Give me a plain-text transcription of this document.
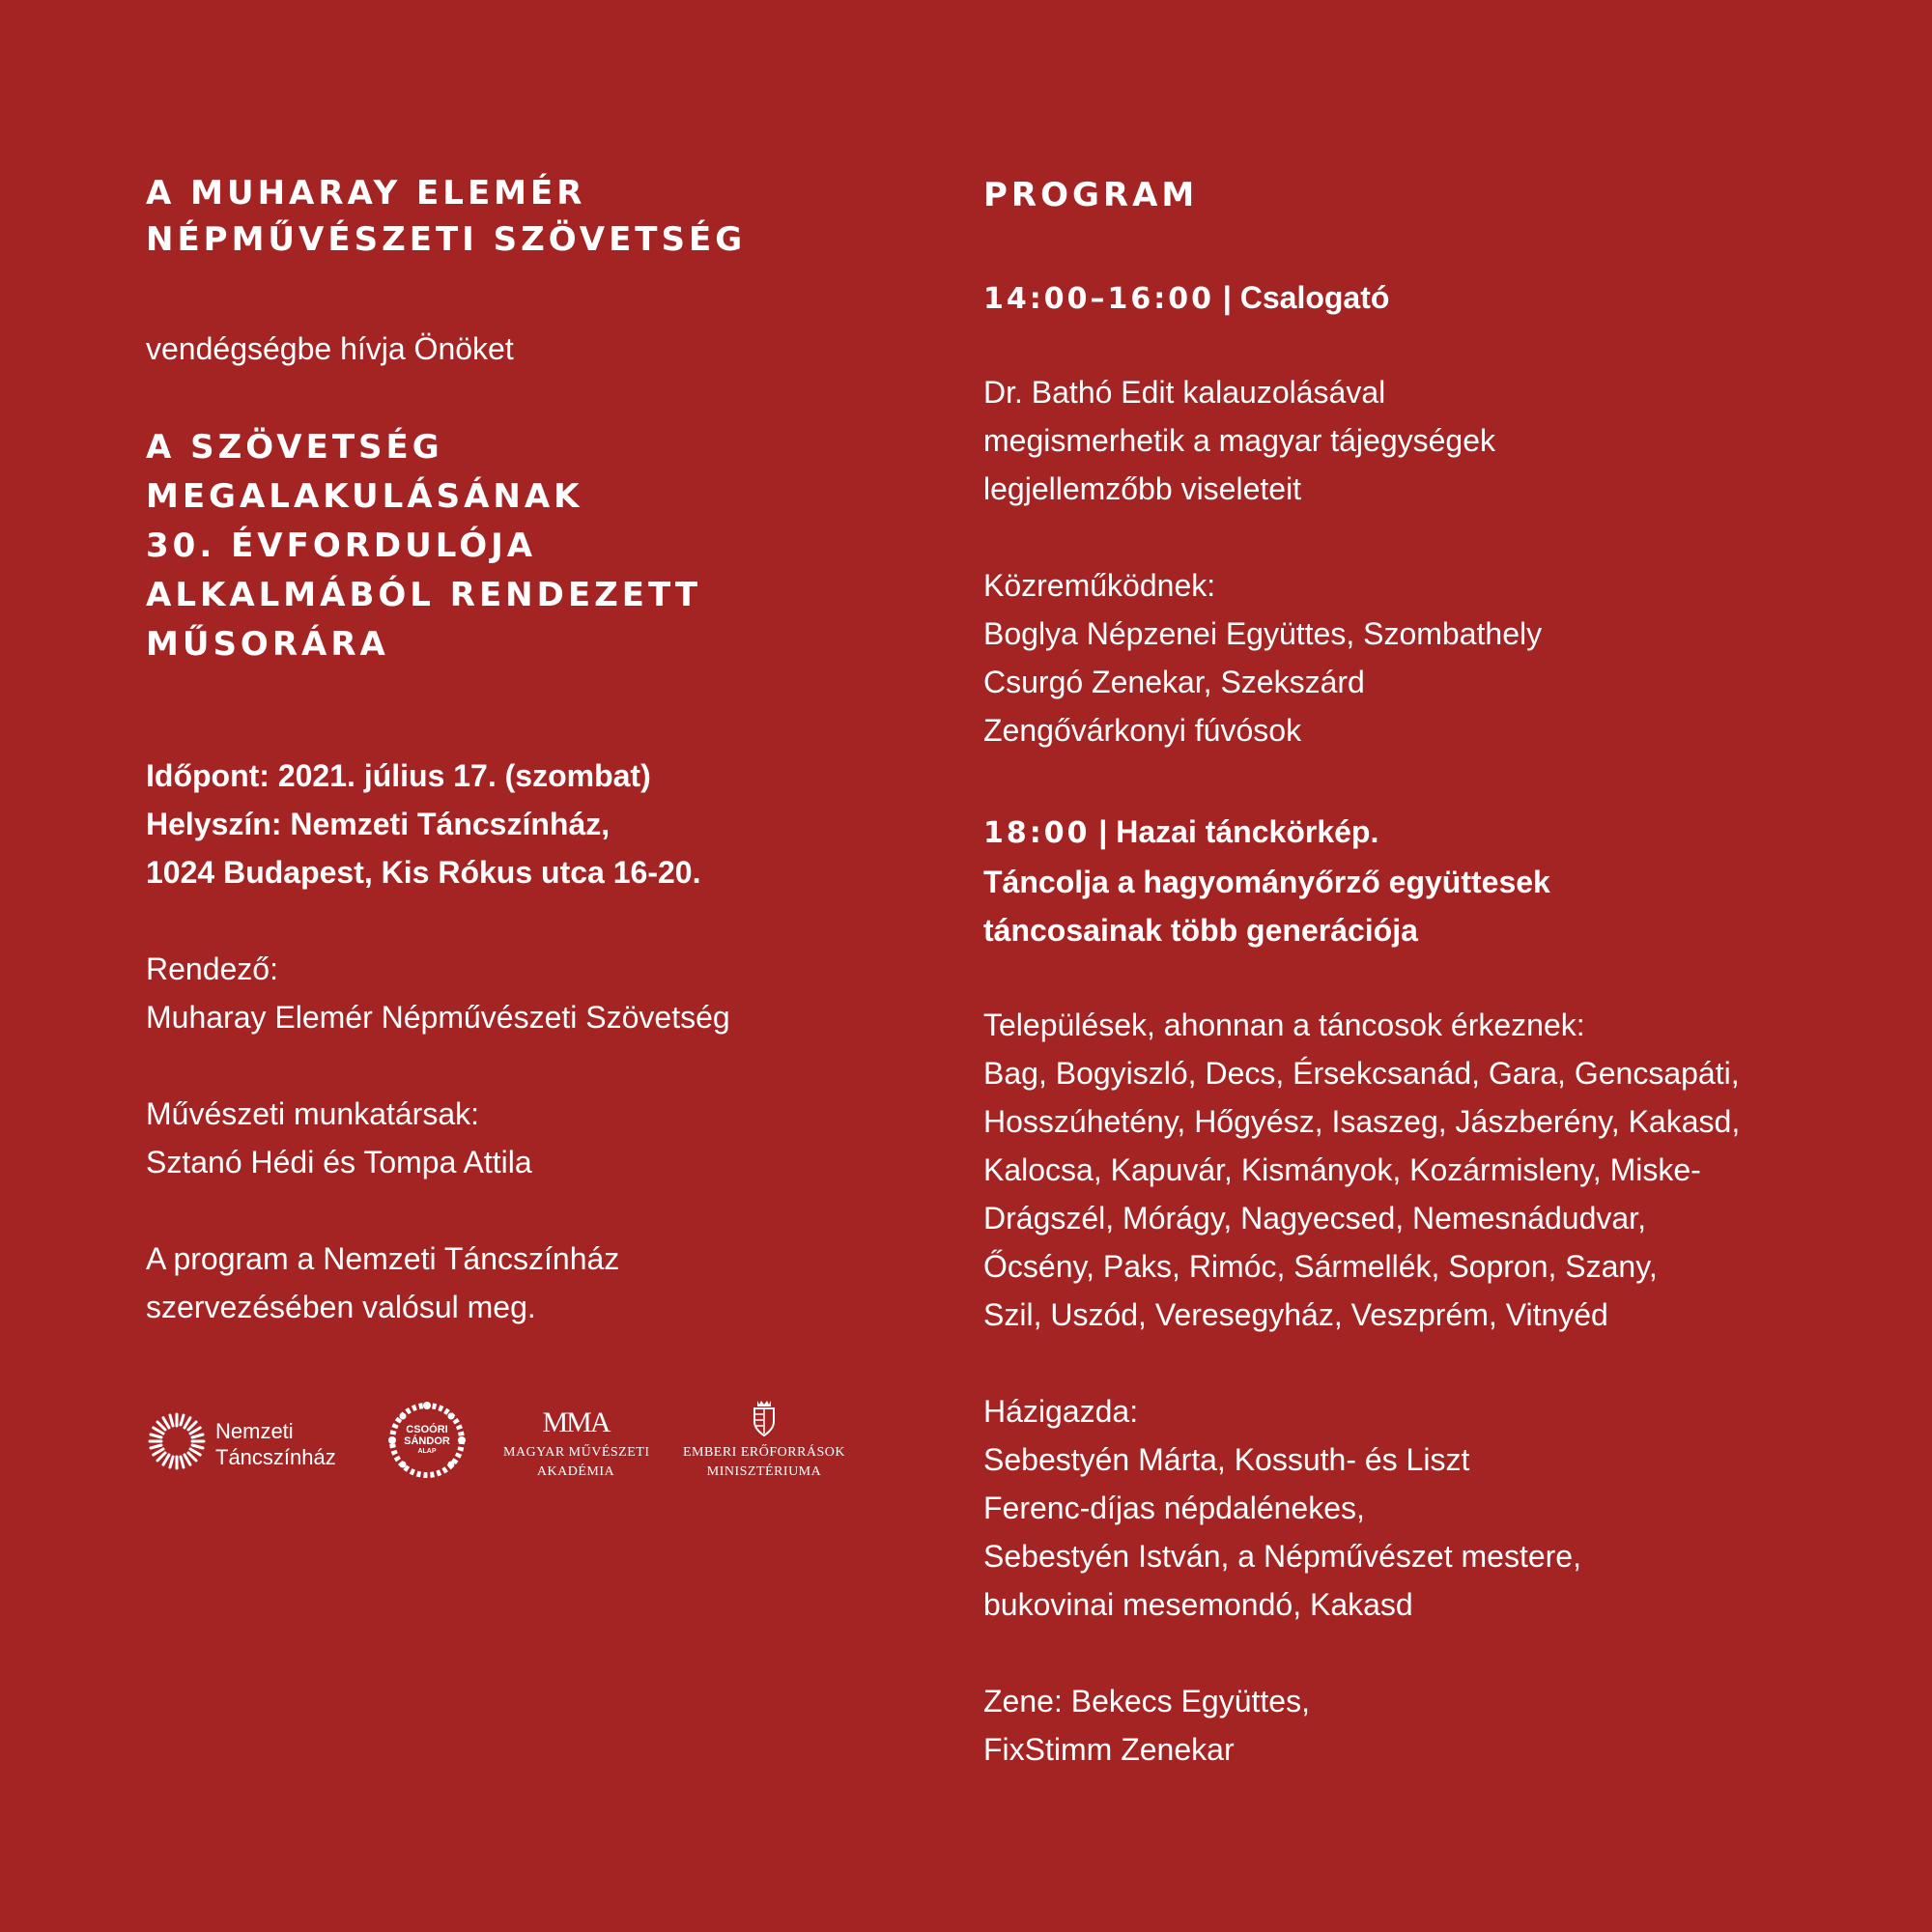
A MUHARAY ELEMÉR

NÉPMŰVÉSZETI SZÖVETSÉG

vendégségbe hívja Önöket

A SZÖVETSÉG

MEGALAKULÁSÁNAK

30. ÉVFORDULÓJA

ALKALMÁBÓL RENDEZETT

MŰSORÁRA

Időpont: 2021. július 17. (szombat)

Helyszín: Nemzeti Táncszínház,

1024 Budapest, Kis Rókus utca 16-20.

Rendező:

Muharay Elemér Népművészeti Szövetség

Művészeti munkatársak:

Sztanó Hédi és Tompa Attila

A program a Nemzeti Táncszínház

szervezésében valósul meg.

Nemzeti
Táncszínház
CSOÓRI
SÁNDOR
ALAP
MMA
MAGYAR MŰVÉSZETI
AKADÉMIA
EMBERI ERŐFORRÁSOK
MINISZTÉRIUMA

PROGRAM

14:00–16:00 | Csalogató

Dr. Bathó Edit kalauzolásával

megismerhetik a magyar tájegységek

legjellemzőbb viseleteit

Közreműködnek:

Boglya Népzenei Együttes, Szombathely

Csurgó Zenekar, Szekszárd

Zengővárkonyi fúvósok

18:00 | Hazai tánckörkép.

Táncolja a hagyományőrző együttesek

táncosainak több generációja

Települések, ahonnan a táncosok érkeznek:

Bag, Bogyiszló, Decs, Érsekcsanád, Gara, Gencsapáti,

Hosszúhetény, Hőgyész, Isaszeg, Jászberény, Kakasd,

Kalocsa, Kapuvár, Kismányok, Kozármisleny, Miske-

Drágszél, Mórágy, Nagyecsed, Nemesnádudvar,

Őcsény, Paks, Rimóc, Sármellék, Sopron, Szany,

Szil, Uszód, Veresegyház, Veszprém, Vitnyéd

Házigazda:

Sebestyén Márta, Kossuth- és Liszt

Ferenc-díjas népdalénekes,

Sebestyén István, a Népművészet mestere,

bukovinai mesemondó, Kakasd

Zene: Bekecs Együttes,

FixStimm Zenekar
